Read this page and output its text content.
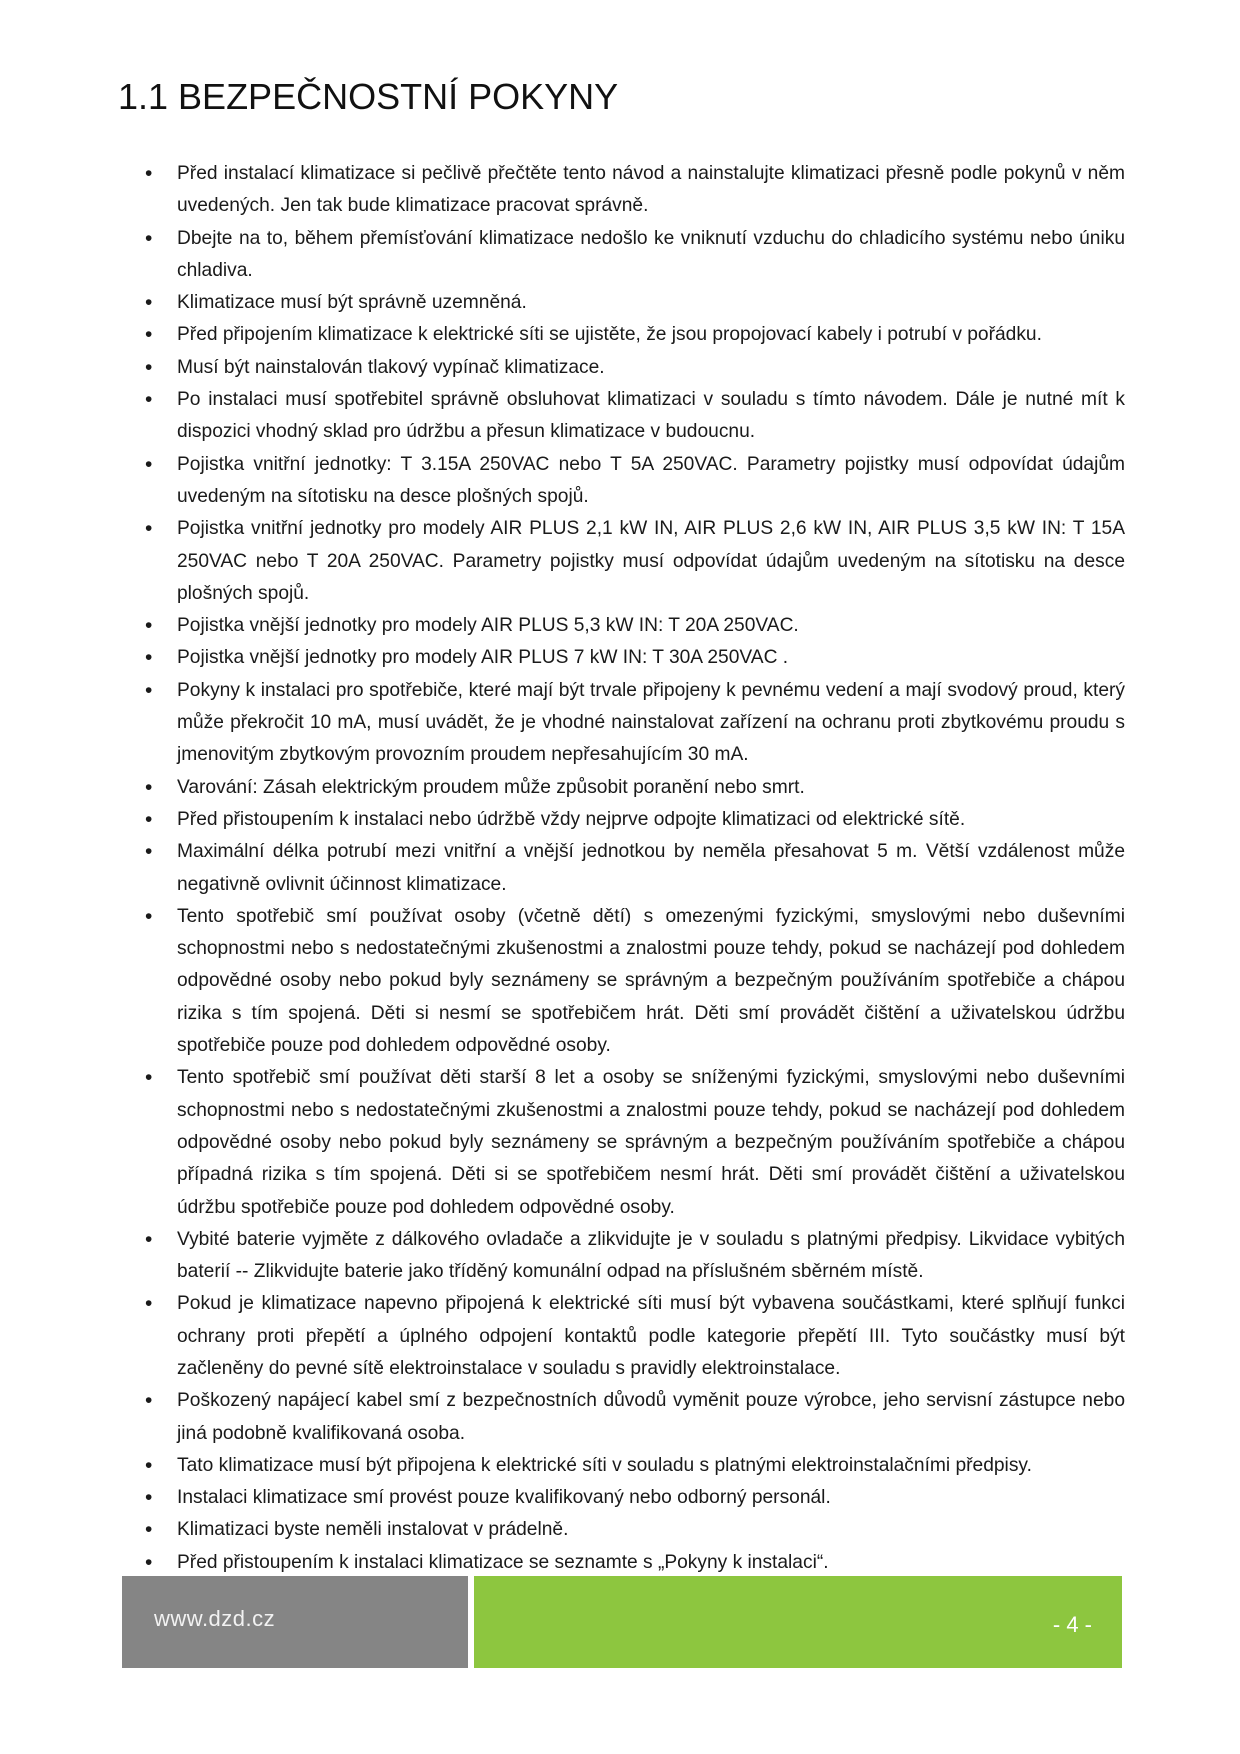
1.1 BEZPEČNOSTNÍ POKYNY
• Před instalací klimatizace si pečlivě přečtěte tento návod a nainstalujte klimatizaci přesně podle pokynů v něm uvedených. Jen tak bude klimatizace pracovat správně.
• Dbejte na to, během přemísťování klimatizace nedošlo ke vniknutí vzduchu do chladicího systému nebo úniku chladiva.
• Klimatizace musí být správně uzemněná.
• Před připojením klimatizace k elektrické síti se ujistěte, že jsou propojovací kabely i potrubí v pořádku.
• Musí být nainstalován tlakový vypínač klimatizace.
• Po instalaci musí spotřebitel správně obsluhovat klimatizaci v souladu s tímto návodem. Dále je nutné mít k dispozici vhodný sklad pro údržbu a přesun klimatizace v budoucnu.
• Pojistka vnitřní jednotky: T 3.15A 250VAC nebo T 5A 250VAC. Parametry pojistky musí odpovídat údajům uvedeným na sítotisku na desce plošných spojů.
• Pojistka vnitřní jednotky pro modely AIR PLUS 2,1 kW IN, AIR PLUS 2,6 kW IN, AIR PLUS 3,5 kW IN: T 15A 250VAC nebo T 20A 250VAC. Parametry pojistky musí odpovídat údajům uvedeným na sítotisku na desce plošných spojů.
• Pojistka vnější jednotky pro modely AIR PLUS 5,3 kW IN: T 20A 250VAC.
• Pojistka vnější jednotky pro modely AIR PLUS 7 kW IN: T 30A 250VAC .
• Pokyny k instalaci pro spotřebiče, které mají být trvale připojeny k pevnému vedení a mají svodový proud, který může překročit 10 mA, musí uvádět, že je vhodné nainstalovat zařízení na ochranu proti zbytkovému proudu s jmenovitým zbytkovým provozním proudem nepřesahujícím 30 mA.
• Varování: Zásah elektrickým proudem může způsobit poranění nebo smrt.
• Před přistoupením k instalaci nebo údržbě vždy nejprve odpojte klimatizaci od elektrické sítě.
• Maximální délka potrubí mezi vnitřní a vnější jednotkou by neměla přesahovat 5 m. Větší vzdálenost může negativně ovlivnit účinnost klimatizace.
• Tento spotřebič smí používat osoby (včetně dětí) s omezenými fyzickými, smyslovými nebo duševními schopnostmi nebo s nedostatečnými zkušenostmi a znalostmi pouze tehdy, pokud se nacházejí pod dohledem odpovědné osoby nebo pokud byly seznámeny se správným a bezpečným používáním spotřebiče a chápou rizika s tím spojená. Děti si nesmí se spotřebičem hrát. Děti smí provádět čištění a uživatelskou údržbu spotřebiče pouze pod dohledem odpovědné osoby.
• Tento spotřebič smí používat děti starší 8 let a osoby se sníženými fyzickými, smyslovými nebo duševními schopnostmi nebo s nedostatečnými zkušenostmi a znalostmi pouze tehdy, pokud se nacházejí pod dohledem odpovědné osoby nebo pokud byly seznámeny se správným a bezpečným používáním spotřebiče a chápou případná rizika s tím spojená. Děti si se spotřebičem nesmí hrát. Děti smí provádět čištění a uživatelskou údržbu spotřebiče pouze pod dohledem odpovědné osoby.
• Vybité baterie vyjměte z dálkového ovladače a zlikvidujte je v souladu s platnými předpisy. Likvidace vybitých baterií -- Zlikvidujte baterie jako tříděný komunální odpad na příslušném sběrném místě.
• Pokud je klimatizace napevno připojená k elektrické síti musí být vybavena součástkami, které splňují funkci ochrany proti přepětí a úplného odpojení kontaktů podle kategorie přepětí III. Tyto součástky musí být začleněny do pevné sítě elektroinstalace v souladu s pravidly elektroinstalace.
• Poškozený napájecí kabel smí z bezpečnostních důvodů vyměnit pouze výrobce, jeho servisní zástupce nebo jiná podobně kvalifikovaná osoba.
• Tato klimatizace musí být připojena k elektrické síti v souladu s platnými elektroinstalačními předpisy.
• Instalaci klimatizace smí provést pouze kvalifikovaný nebo odborný personál.
• Klimatizaci byste neměli instalovat v prádelně.
• Před přistoupením k instalaci klimatizace se seznamte s „Pokyny k instalaci“.
www.dzd.cz	- 4 -
